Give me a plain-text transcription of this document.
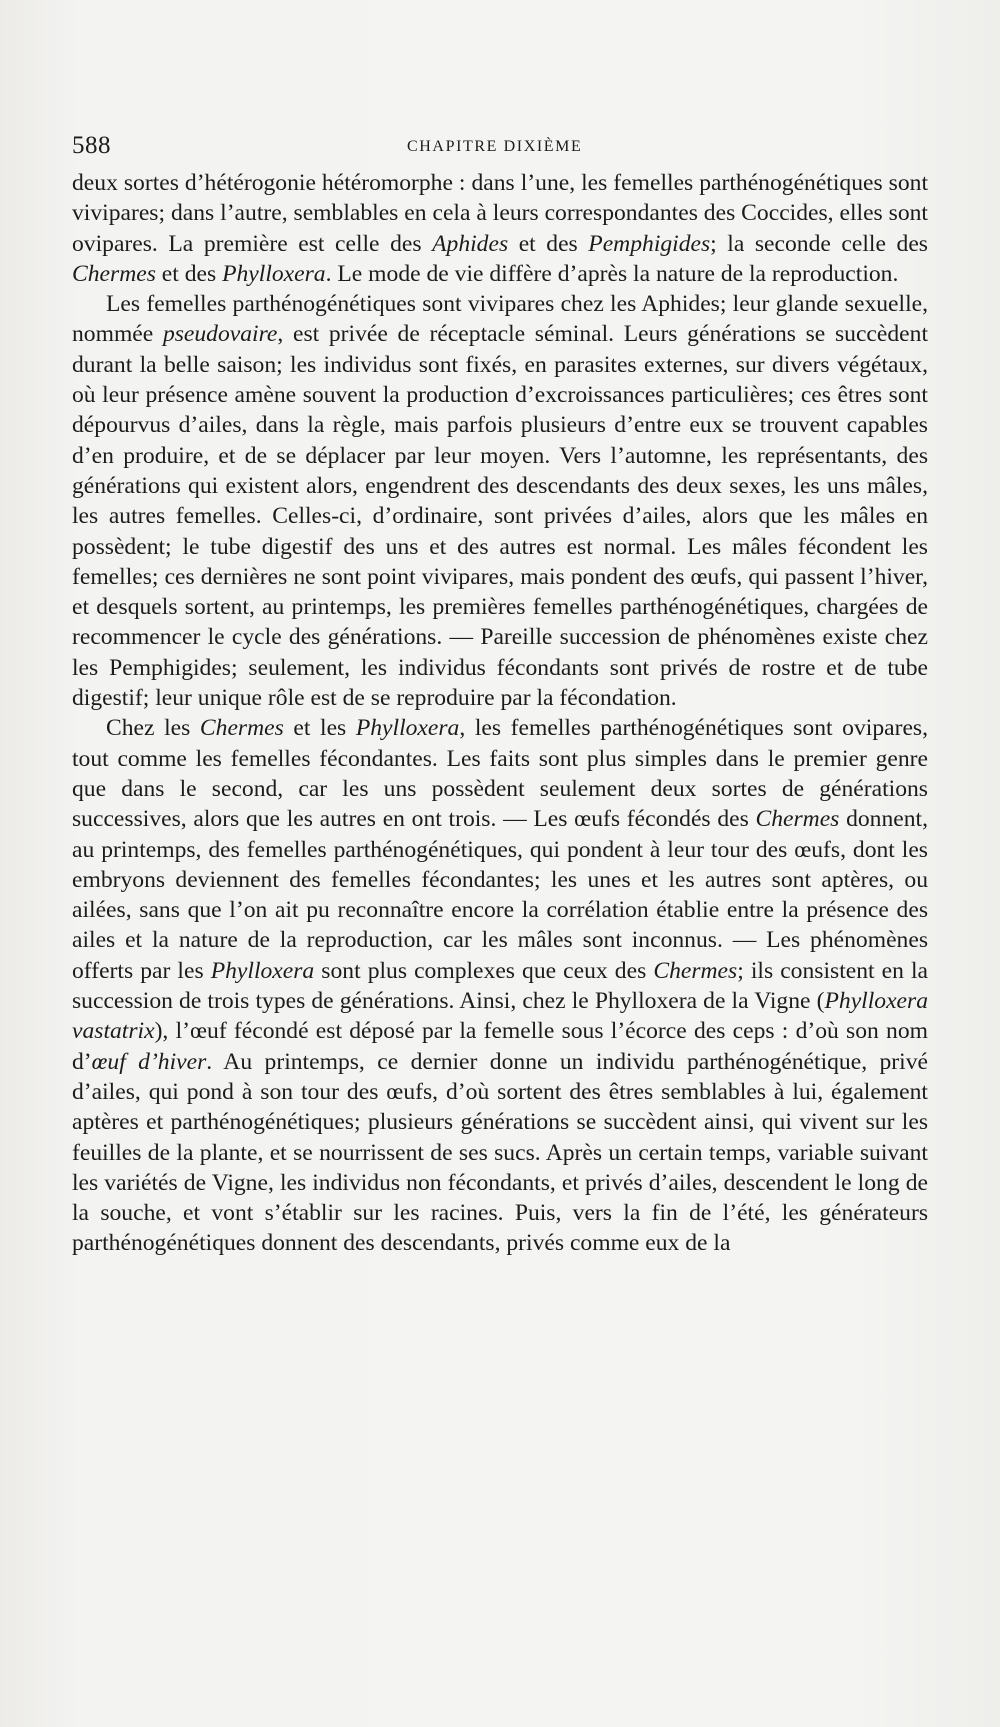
588	CHAPITRE DIXIÈME

deux sortes d’hétérogonie hétéromorphe : dans l’une, les femelles parthénogénétiques sont vivipares; dans l’autre, semblables en cela à leurs correspondantes des Coccides, elles sont ovipares. La première est celle des Aphides et des Pemphigides; la seconde celle des Chermes et des Phylloxera. Le mode de vie diffère d’après la nature de la reproduction.

Les femelles parthénogénétiques sont vivipares chez les Aphides; leur glande sexuelle, nommée pseudovaire, est privée de réceptacle séminal. Leurs générations se succèdent durant la belle saison; les individus sont fixés, en parasites externes, sur divers végétaux, où leur présence amène souvent la production d’excroissances particulières; ces êtres sont dépourvus d’ailes, dans la règle, mais parfois plusieurs d’entre eux se trouvent capables d’en produire, et de se déplacer par leur moyen. Vers l’automne, les représentants, des générations qui existent alors, engendrent des descendants des deux sexes, les uns mâles, les autres femelles. Celles-ci, d’ordinaire, sont privées d’ailes, alors que les mâles en possèdent; le tube digestif des uns et des autres est normal. Les mâles fécondent les femelles; ces dernières ne sont point vivipares, mais pondent des œufs, qui passent l’hiver, et desquels sortent, au printemps, les premières femelles parthénogénétiques, chargées de recommencer le cycle des générations. — Pareille succession de phénomènes existe chez les Pemphigides; seulement, les individus fécondants sont privés de rostre et de tube digestif; leur unique rôle est de se reproduire par la fécondation.

Chez les Chermes et les Phylloxera, les femelles parthénogénétiques sont ovipares, tout comme les femelles fécondantes. Les faits sont plus simples dans le premier genre que dans le second, car les uns possèdent seulement deux sortes de générations successives, alors que les autres en ont trois. — Les œufs fécondés des Chermes donnent, au printemps, des femelles parthénogénétiques, qui pondent à leur tour des œufs, dont les embryons deviennent des femelles fécondantes; les unes et les autres sont aptères, ou ailées, sans que l’on ait pu reconnaître encore la corrélation établie entre la présence des ailes et la nature de la reproduction, car les mâles sont inconnus. — Les phénomènes offerts par les Phylloxera sont plus complexes que ceux des Chermes; ils consistent en la succession de trois types de générations. Ainsi, chez le Phylloxera de la Vigne (Phylloxera vastatrix), l’œuf fécondé est déposé par la femelle sous l’écorce des ceps : d’où son nom d’œuf d’hiver. Au printemps, ce dernier donne un individu parthénogénétique, privé d’ailes, qui pond à son tour des œufs, d’où sortent des êtres semblables à lui, également aptères et parthénogénétiques; plusieurs générations se succèdent ainsi, qui vivent sur les feuilles de la plante, et se nourrissent de ses sucs. Après un certain temps, variable suivant les variétés de Vigne, les individus non fécondants, et privés d’ailes, descendent le long de la souche, et vont s’établir sur les racines. Puis, vers la fin de l’été, les générateurs parthénogénétiques donnent des descendants, privés comme eux de la
